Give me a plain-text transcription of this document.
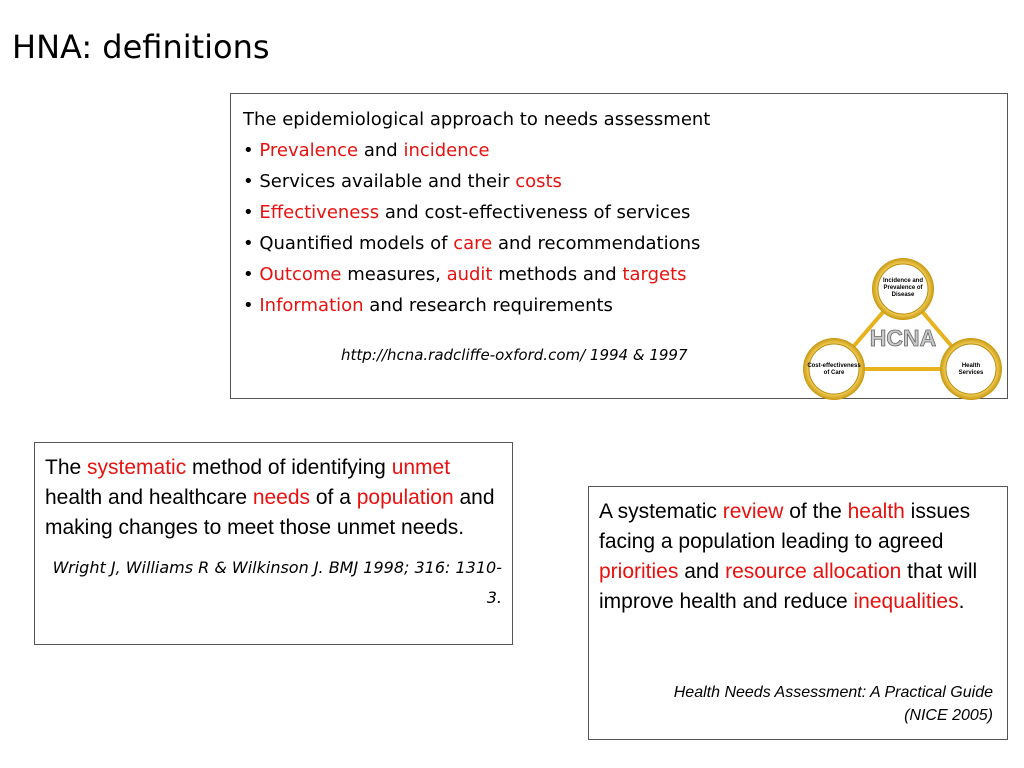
HNA: definitions
The epidemiological approach to needs assessment
• Prevalence and incidence
• Services available and their costs
• Effectiveness and cost-effectiveness of services
• Quantified models of care and recommendations
• Outcome measures, audit methods and targets
• Information and research requirements
http://hcna.radcliffe-oxford.com/ 1994 & 1997
Incidence and
Prevalence of
Disease
Cost-effectiveness
of Care
Health
Services
HCNA
The systematic method of identifying unmet health and healthcare needs of a population and making changes to meet those unmet needs.
Wright J, Williams R & Wilkinson J. BMJ 1998; 316: 1310-3.
A systematic review of the health issues facing a population leading to agreed priorities and resource allocation that will improve health and reduce inequalities.
Health Needs Assessment: A Practical Guide (NICE 2005)
